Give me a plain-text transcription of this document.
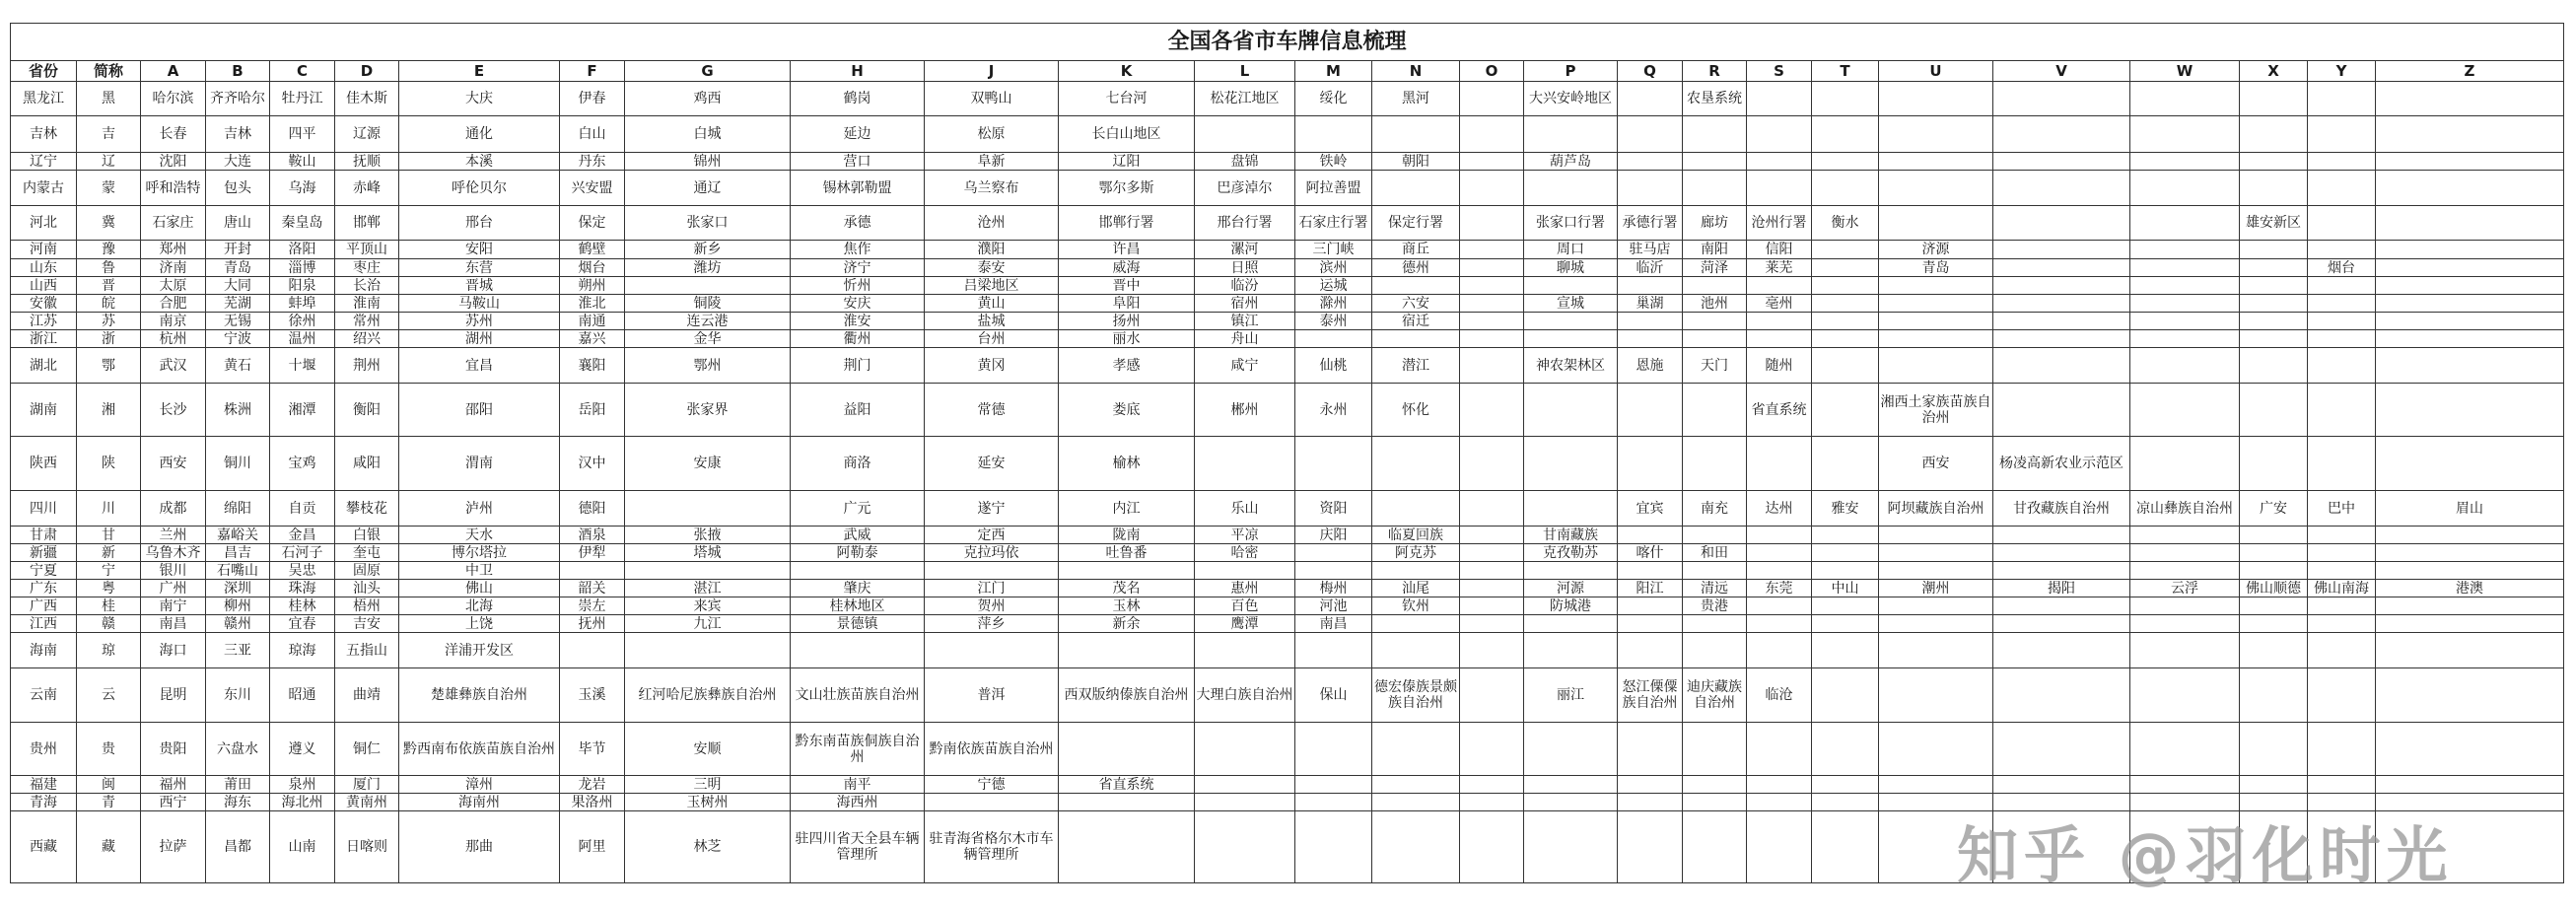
全国各省市车牌信息梳理																										
省份	简称	A	B	C	D	E	F	G	H	J	K	L	M	N	O	P	Q	R	S	T	U	V	W	X	Y	Z
黑龙江	黑	哈尔滨	齐齐哈尔	牡丹江	佳木斯	大庆	伊春	鸡西	鹤岗	双鸭山	七台河	松花江地区	绥化	黑河		大兴安岭地区		农垦系统								
吉林	吉	长春	吉林	四平	辽源	通化	白山	白城	延边	松原	长白山地区															
辽宁	辽	沈阳	大连	鞍山	抚顺	本溪	丹东	锦州	营口	阜新	辽阳	盘锦	铁岭	朝阳		葫芦岛										
内蒙古	蒙	呼和浩特	包头	乌海	赤峰	呼伦贝尔	兴安盟	通辽	锡林郭勒盟	乌兰察布	鄂尔多斯	巴彦淖尔	阿拉善盟													
河北	冀	石家庄	唐山	秦皇岛	邯郸	邢台	保定	张家口	承德	沧州	邯郸行署	邢台行署	石家庄行署	保定行署		张家口行署	承德行署	廊坊	沧州行署	衡水				雄安新区		
河南	豫	郑州	开封	洛阳	平顶山	安阳	鹤壁	新乡	焦作	濮阳	许昌	漯河	三门峡	商丘		周口	驻马店	南阳	信阳		济源					
山东	鲁	济南	青岛	淄博	枣庄	东营	烟台	潍坊	济宁	泰安	威海	日照	滨州	德州		聊城	临沂	菏泽	莱芜		青岛				烟台	
山西	晋	太原	大同	阳泉	长治	晋城	朔州		忻州	吕梁地区	晋中	临汾	运城													
安徽	皖	合肥	芜湖	蚌埠	淮南	马鞍山	淮北	铜陵	安庆	黄山	阜阳	宿州	滁州	六安		宣城	巢湖	池州	亳州							
江苏	苏	南京	无锡	徐州	常州	苏州	南通	连云港	淮安	盐城	扬州	镇江	泰州	宿迁												
浙江	浙	杭州	宁波	温州	绍兴	湖州	嘉兴	金华	衢州	台州	丽水	舟山														
湖北	鄂	武汉	黄石	十堰	荆州	宜昌	襄阳	鄂州	荆门	黄冈	孝感	咸宁	仙桃	潜江		神农架林区	恩施	天门	随州							
湖南	湘	长沙	株洲	湘潭	衡阳	邵阳	岳阳	张家界	益阳	常德	娄底	郴州	永州	怀化					省直系统		湘西土家族苗族自治州					
陕西	陕	西安	铜川	宝鸡	咸阳	渭南	汉中	安康	商洛	延安	榆林										西安	杨凌高新农业示范区				
四川	川	成都	绵阳	自贡	攀枝花	泸州	德阳		广元	遂宁	内江	乐山	资阳				宜宾	南充	达州	雅安	阿坝藏族自治州	甘孜藏族自治州	凉山彝族自治州	广安	巴中	眉山
甘肃	甘	兰州	嘉峪关	金昌	白银	天水	酒泉	张掖	武威	定西	陇南	平凉	庆阳	临夏回族		甘南藏族										
新疆	新	乌鲁木齐	昌吉	石河子	奎屯	博尔塔拉	伊犁	塔城	阿勒泰	克拉玛依	吐鲁番	哈密		阿克苏		克孜勒苏	喀什	和田								
宁夏	宁	银川	石嘴山	吴忠	固原	中卫																				
广东	粤	广州	深圳	珠海	汕头	佛山	韶关	湛江	肇庆	江门	茂名	惠州	梅州	汕尾		河源	阳江	清远	东莞	中山	潮州	揭阳	云浮	佛山顺德	佛山南海	港澳
广西	桂	南宁	柳州	桂林	梧州	北海	崇左	来宾	桂林地区	贺州	玉林	百色	河池	钦州		防城港		贵港								
江西	赣	南昌	赣州	宜春	吉安	上饶	抚州	九江	景德镇	萍乡	新余	鹰潭	南昌													
海南	琼	海口	三亚	琼海	五指山	洋浦开发区																				
云南	云	昆明	东川	昭通	曲靖	楚雄彝族自治州	玉溪	红河哈尼族彝族自治州	文山壮族苗族自治州	普洱	西双版纳傣族自治州	大理白族自治州	保山	德宏傣族景颇族自治州		丽江	怒江傈僳族自治州	迪庆藏族自治州	临沧							
贵州	贵	贵阳	六盘水	遵义	铜仁	黔西南布依族苗族自治州	毕节	安顺	黔东南苗族侗族自治州	黔南依族苗族自治州																
福建	闽	福州	莆田	泉州	厦门	漳州	龙岩	三明	南平	宁德	省直系统															
青海	青	西宁	海东	海北州	黄南州	海南州	果洛州	玉树州	海西州																	
西藏	藏	拉萨	昌都	山南	日喀则	那曲	阿里	林芝	驻四川省天全县车辆管理所	驻青海省格尔木市车辆管理所																	知乎 @羽化时光
